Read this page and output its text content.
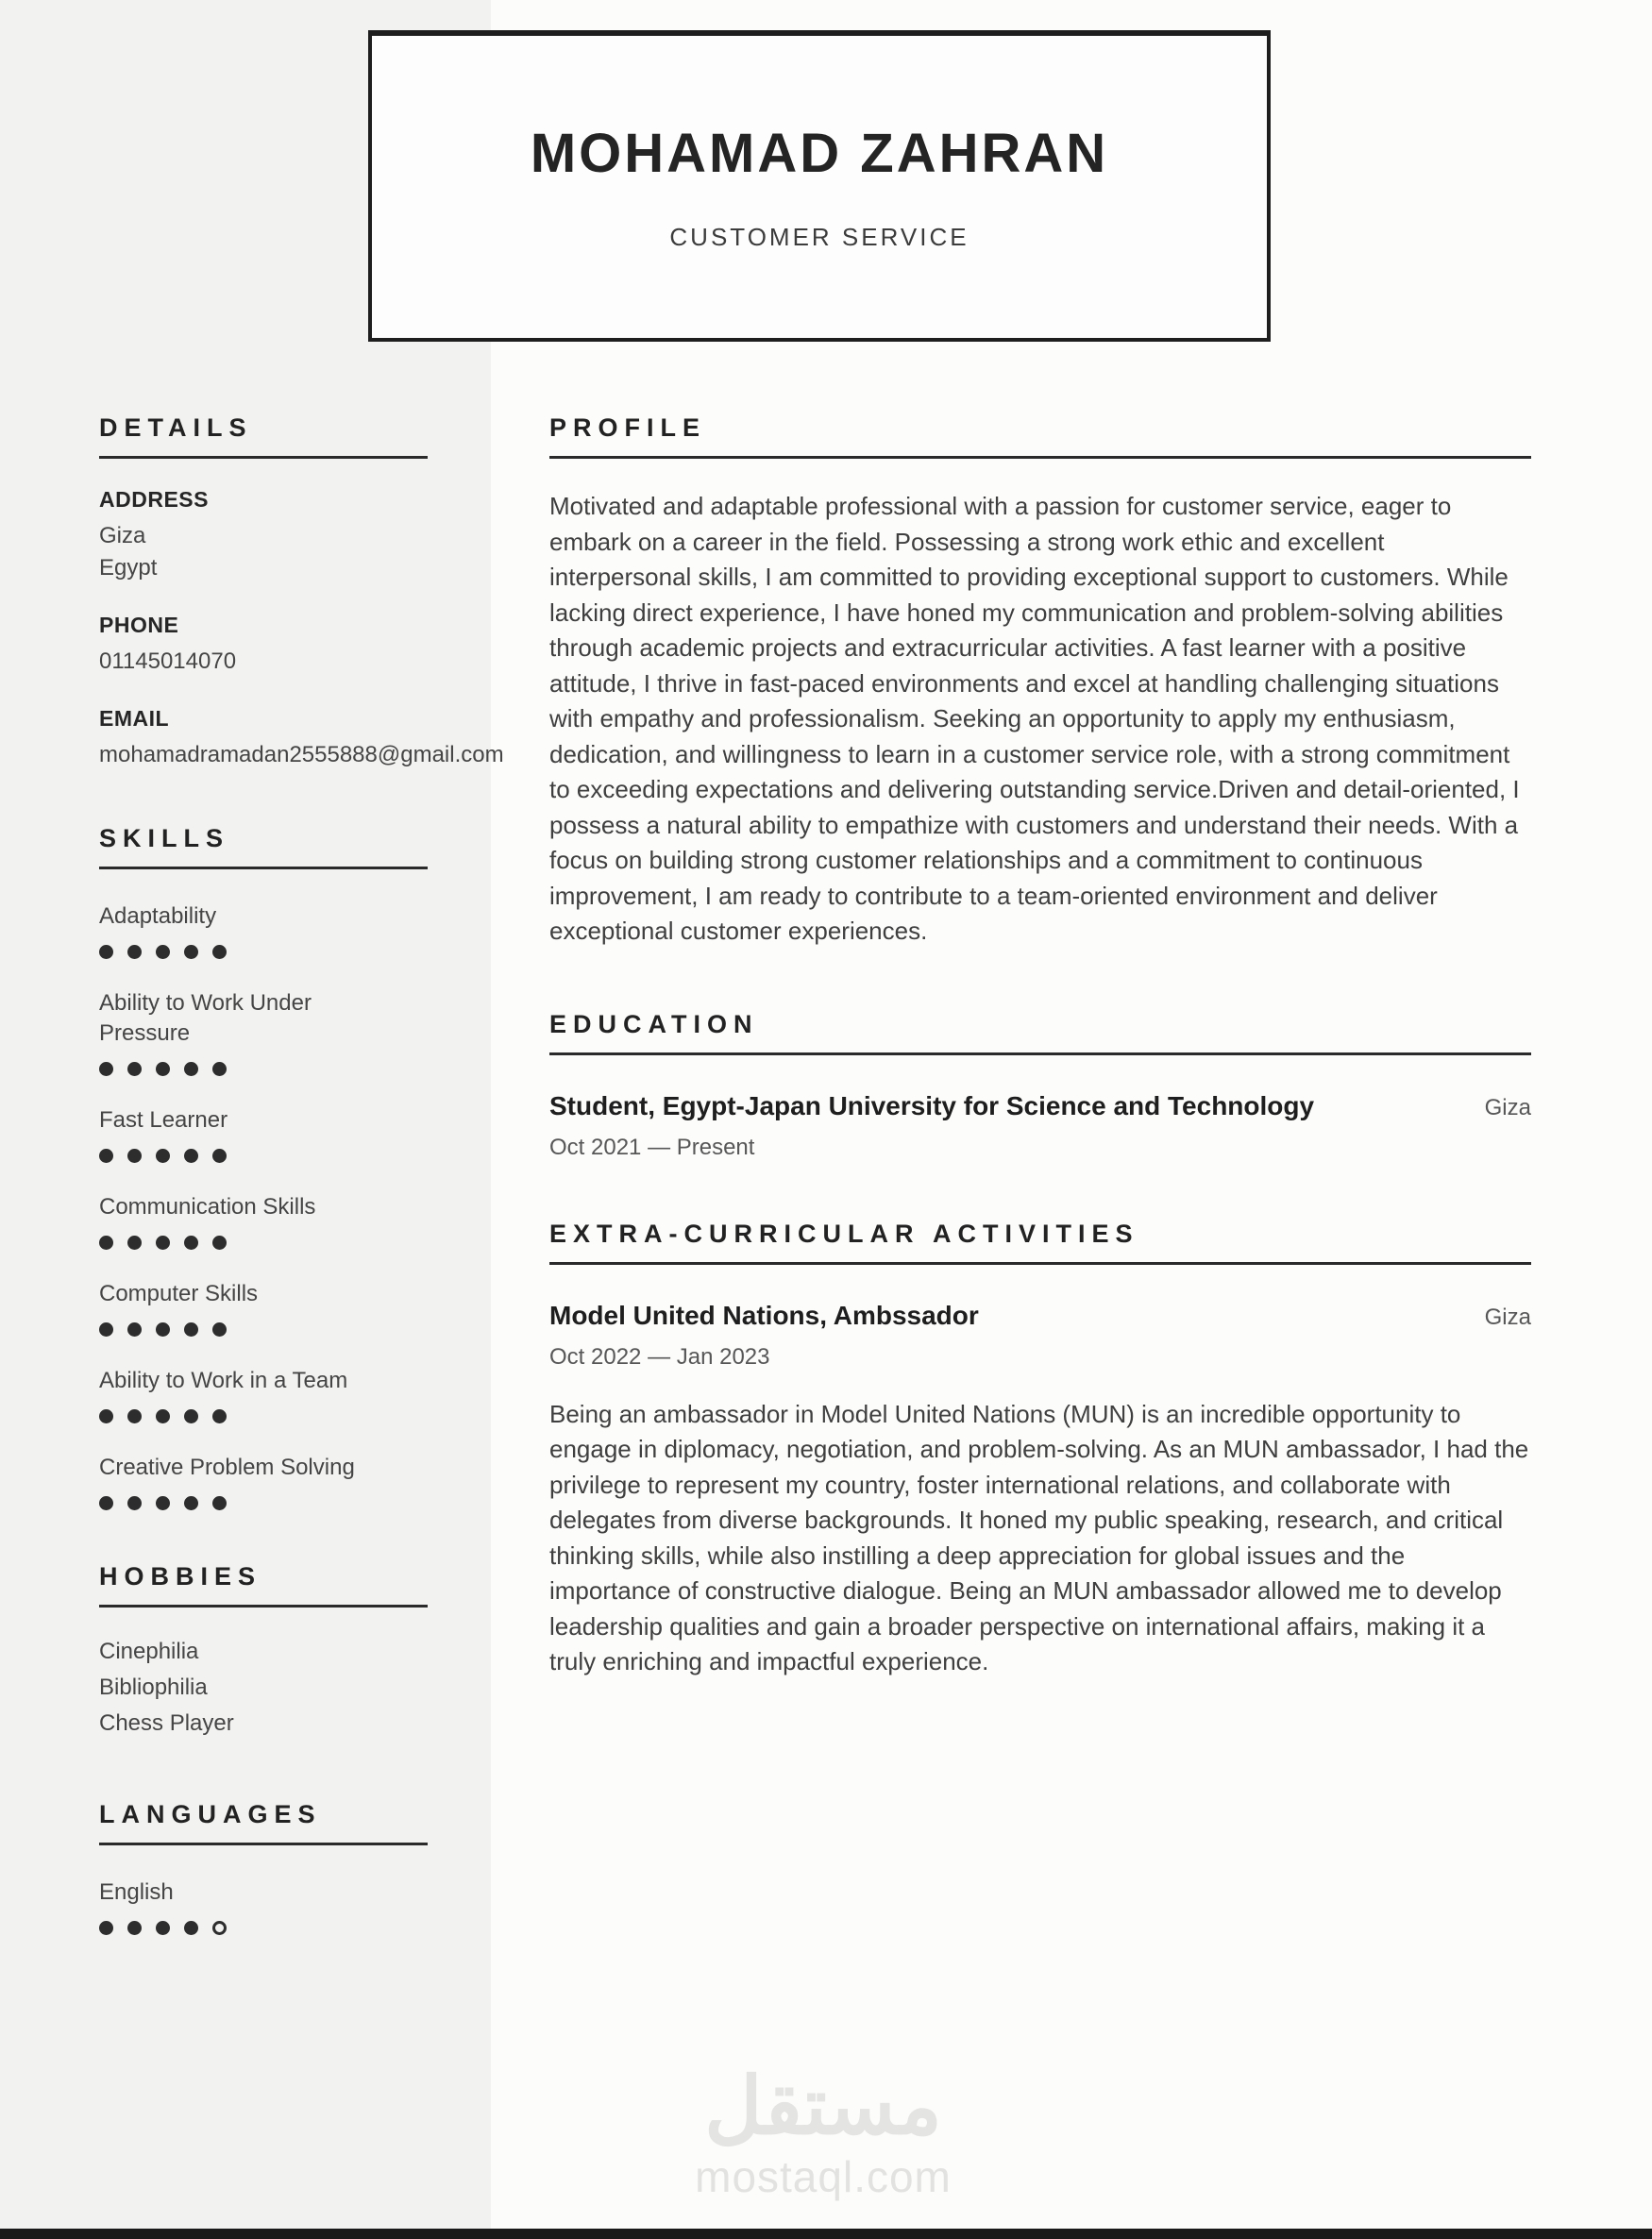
MOHAMAD ZAHRAN
CUSTOMER SERVICE
DETAILS
ADDRESS
Giza
Egypt
PHONE
01145014070
EMAIL
mohamadramadan2555888@gmail.com
SKILLS
Adaptability
Ability to Work Under Pressure
Fast Learner
Communication Skills
Computer Skills
Ability to Work in a Team
Creative Problem Solving
HOBBIES
Cinephilia
Bibliophilia
Chess Player
LANGUAGES
English
PROFILE
Motivated and adaptable professional with a passion for customer service, eager to embark on a career in the field. Possessing a strong work ethic and excellent interpersonal skills, I am committed to providing exceptional support to customers. While lacking direct experience, I have honed my communication and problem-solving abilities through academic projects and extracurricular activities. A fast learner with a positive attitude, I thrive in fast-paced environments and excel at handling challenging situations with empathy and professionalism. Seeking an opportunity to apply my enthusiasm, dedication, and willingness to learn in a customer service role, with a strong commitment to exceeding expectations and delivering outstanding service.Driven and detail-oriented, I possess a natural ability to empathize with customers and understand their needs. With a focus on building strong customer relationships and a commitment to continuous improvement, I am ready to contribute to a team-oriented environment and deliver exceptional customer experiences.
EDUCATION
Student, Egypt-Japan University for Science and Technology	Giza
Oct 2021 — Present
EXTRA-CURRICULAR ACTIVITIES
Model United Nations, Ambssador	Giza
Oct 2022 — Jan 2023
Being an ambassador in Model United Nations (MUN) is an incredible opportunity to engage in diplomacy, negotiation, and problem-solving. As an MUN ambassador, I had the privilege to represent my country, foster international relations, and collaborate with delegates from diverse backgrounds. It honed my public speaking, research, and critical thinking skills, while also instilling a deep appreciation for global issues and the importance of constructive dialogue. Being an MUN ambassador allowed me to develop leadership qualities and gain a broader perspective on international affairs, making it a truly enriching and impactful experience.
مستقل
mostaql.com
